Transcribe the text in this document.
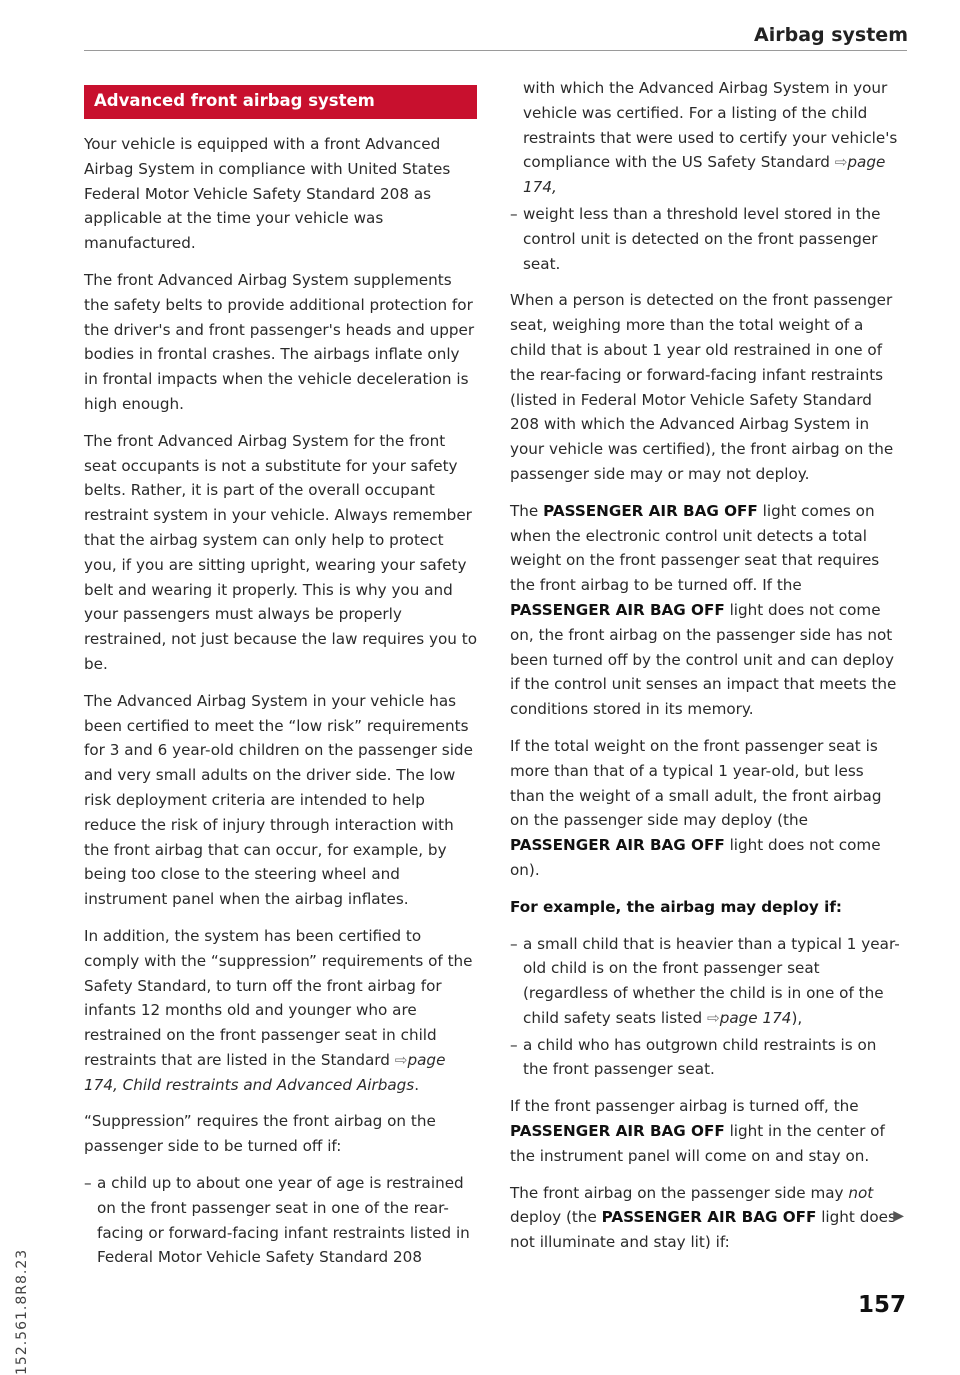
Airbag system
Advanced front airbag system

Your vehicle is equipped with a front Advanced Airbag System in compliance with United States Federal Motor Vehicle Safety Standard 208 as applicable at the time your vehicle was manufactured.

The front Advanced Airbag System supplements the safety belts to provide additional protection for the driver's and front passenger's heads and upper bodies in frontal crashes. The airbags inflate only in frontal impacts when the vehicle deceleration is high enough.

The front Advanced Airbag System for the front seat occupants is not a substitute for your safety belts. Rather, it is part of the overall occupant restraint system in your vehicle. Always remember that the airbag system can only help to protect you, if you are sitting upright, wearing your safety belt and wearing it properly. This is why you and your passengers must always be properly restrained, not just because the law requires you to be.

The Advanced Airbag System in your vehicle has been certified to meet the “low risk” requirements for 3 and 6 year-old children on the passenger side and very small adults on the driver side. The low risk deployment criteria are intended to help reduce the risk of injury through interaction with the front airbag that can occur, for example, by being too close to the steering wheel and instrument panel when the airbag inflates.

In addition, the system has been certified to comply with the “suppression” requirements of the Safety Standard, to turn off the front airbag for infants 12 months old and younger who are restrained on the front passenger seat in child restraints that are listed in the Standard ⇨page 174, Child restraints and Advanced Airbags.

“Suppression” requires the front airbag on the passenger side to be turned off if:

– a child up to about one year of age is restrained on the front passenger seat in one of the rear-facing or forward-facing infant restraints listed in Federal Motor Vehicle Safety Standard 208
with which the Advanced Airbag System in your vehicle was certified. For a listing of the child restraints that were used to certify your vehicle's compliance with the US Safety Standard ⇨page 174,
– weight less than a threshold level stored in the control unit is detected on the front passenger seat.

When a person is detected on the front passenger seat, weighing more than the total weight of a child that is about 1 year old restrained in one of the rear-facing or forward-facing infant restraints (listed in Federal Motor Vehicle Safety Standard 208 with which the Advanced Airbag System in your vehicle was certified), the front airbag on the passenger side may or may not deploy.

The PASSENGER AIR BAG OFF light comes on when the electronic control unit detects a total weight on the front passenger seat that requires the front airbag to be turned off. If the PASSENGER AIR BAG OFF light does not come on, the front airbag on the passenger side has not been turned off by the control unit and can deploy if the control unit senses an impact that meets the conditions stored in its memory.

If the total weight on the front passenger seat is more than that of a typical 1 year-old, but less than the weight of a small adult, the front airbag on the passenger side may deploy (the PASSENGER AIR BAG OFF light does not come on).

For example, the airbag may deploy if:
– a small child that is heavier than a typical 1 year-old child is on the front passenger seat (regardless of whether the child is in one of the child safety seats listed ⇨page 174),
– a child who has outgrown child restraints is on the front passenger seat.

If the front passenger airbag is turned off, the PASSENGER AIR BAG OFF light in the center of the instrument panel will come on and stay on.

The front airbag on the passenger side may not deploy (the PASSENGER AIR BAG OFF light does not illuminate and stay lit) if:

▶
152.561.8R8.23	157
